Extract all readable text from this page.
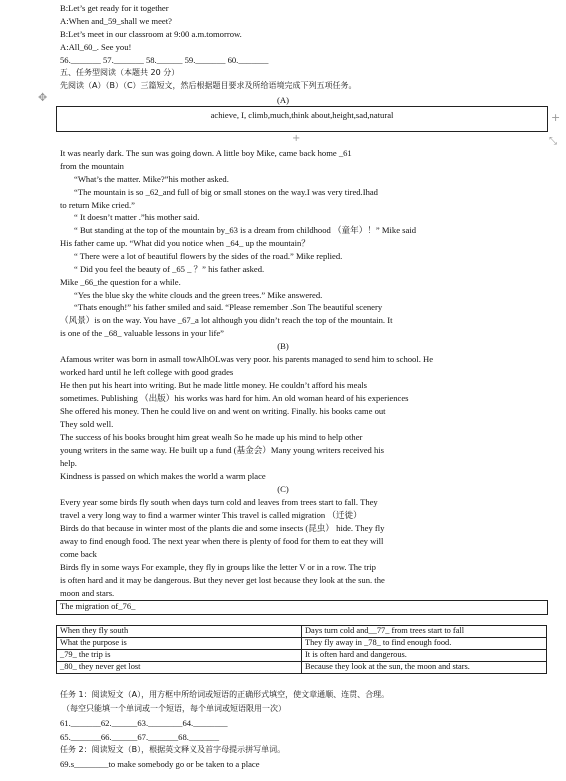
B:Let’s get ready for it together
A:When and_59_shall we meet?
B:Let’s meet in our classroom at 9:00 a.m.tomorrow.
A:All_60_. See you!
56._______ 57._______ 58.______ 59._______ 60._______
五、任务型阅读（本题共 20 分）
先阅读（A）（B）（C）三篇短文，然后根据题目要求及所给语境完成下列五项任务。
✥	(A)
achieve, I, climb,much,think about,height,sad,natural	+
+	⤡
It was nearly dark. The sun was going down. A little boy Mike, came back home _61
from the mountain
“What’s the matter. Mike?”his mother asked.
“The mountain is so _62_and full of big or small stones on the way.I was very tired.Ihad
to return Mike cried.”
“ It doesn’t matter .”his mother said.
“ But standing at the top of the mountain by_63 is a dream from childhood （童年）！” Mike said
His father came up. “What did you notice when _64_ up the mountain？
“ There were a lot of beautiful flowers by the sides of the road.” Mike replied.
“ Did you feel the beauty of _65 _ ？” his father asked.
Mike _66_the question for a while.
“Yes the blue sky the white clouds and the green trees.” Mike answered.
“Thats enough!” his father smiled and said. “Please remember .Son The beautiful scenery
（风景）is on the way. You have _67_a lot although you didn’t reach the top of the mountain. It
is one of the _68_ valuable lessons in your life”
(B)
Afamous writer was born in asmall towAlhOLwas very poor. his parents managed to send him to school. He
worked hard until he left college with good grades
He then put his heart into writing. But he made little money. He couldn’t afford his meals
sometimes. Publishing （出版）his works was hard for him. An old woman heard of his experiences
She offered his money. Then he could live on and went on writing. Finally. his books came out
They sold well.
The success of his books brought him great wealh So he made up his mind to help other
young writers in the same way. He built up a fund (基金会）Many young writers received his
help.
Kindness is passed on which makes the world a warm place
(C)
Every year some birds fly south when days turn cold and leaves from trees start to fall. They
travel a very long way to find a warmer winter This travel is called migration （迁徙）
Birds do that because in winter most of the plants die and some insects (昆虫） hide. They fly
away to find enough food. The next year when there is plenty of food for them to eat they will
come back
Birds fly in some ways For example, they fly in groups like the letter V or in a row. The trip
is often hard and it may be dangerous. But they never get lost because they look at the sun. the
moon and stars.
The migration of_76_
When they fly south	Days turn cold and__77_ from trees start to fall
What the purpose is	They fly away in _78_ to find enough food.
_79_ the trip is	It is often hard and dangerous.
_80_ they never get lost	Because they look at the sun, the moon and stars.
任务 1：阅读短文（A），用方框中所给词或短语的正确形式填空，使文章通顺、连贯、合理。
（每空只能填一个单词或一个短语，每个单词或短语限用一次）
61._______62.______63.________64.________
65._______66.______67._______68._______
任务 2：阅读短文（B），根据英文释义及首字母提示拼写单词。
69.s________to make somebody go or be taken to a place
